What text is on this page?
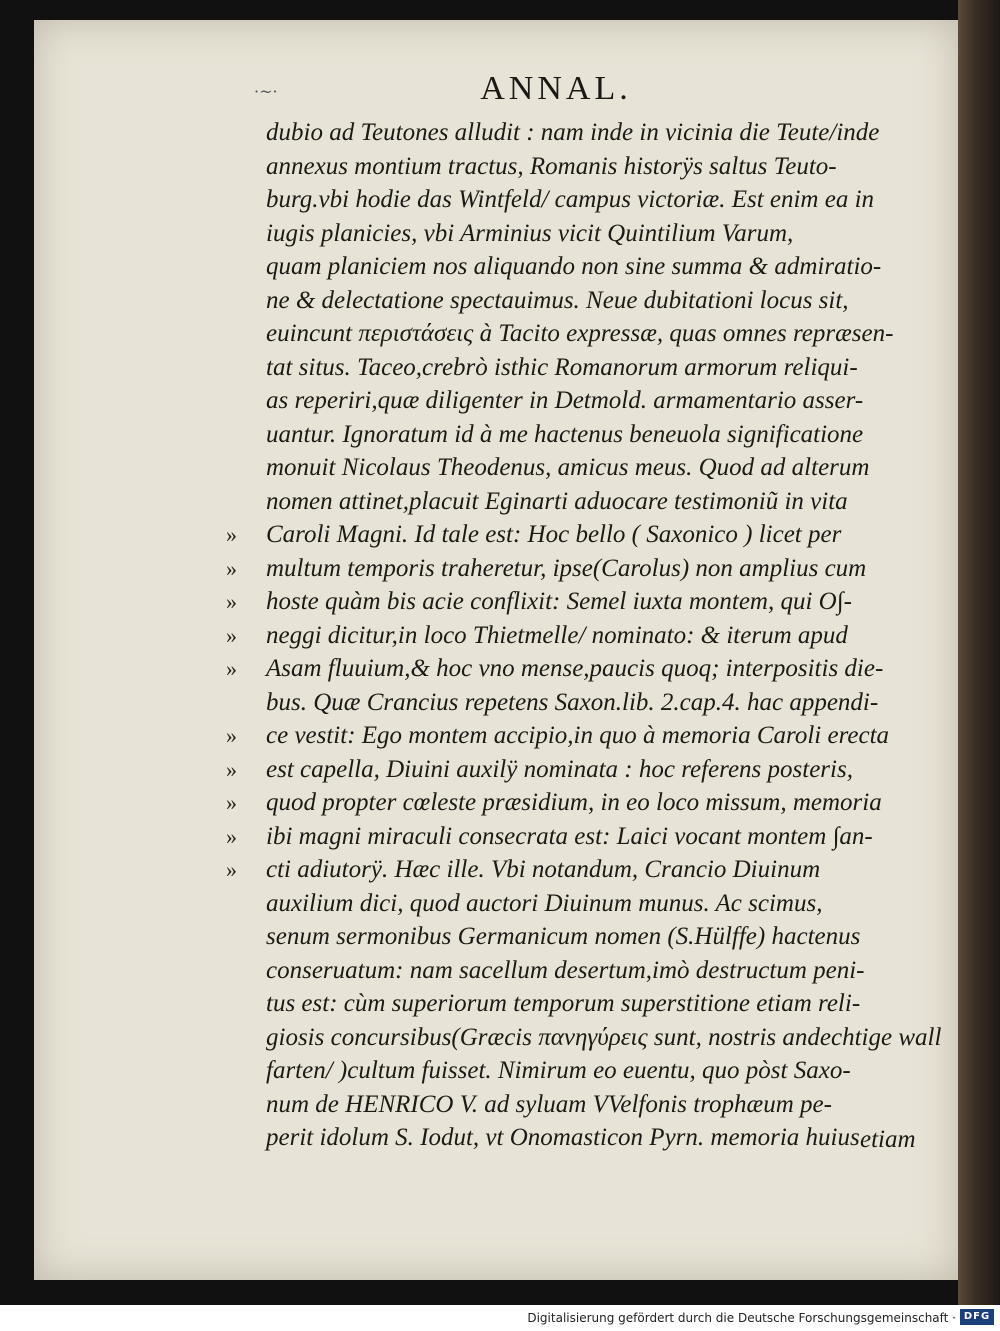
·~·	ANNAL.
dubio ad Teutones alludit : nam inde in vicinia die Teute/inde
annexus montium tractus, Romanis historÿs saltus Teuto-
burg.vbi hodie das Wintfeld/ campus victoriæ. Est enim ea in
iugis planicies, vbi Arminius vicit Quintilium Varum,
quam planiciem nos aliquando non sine summa & admiratio-
ne & delectatione spectauimus. Neue dubitationi locus sit,
euincunt περιστάσεις à Tacito expressæ, quas omnes repræsen-
tat situs. Taceo,crebrò isthic Romanorum armorum reliqui-
as reperiri,quæ diligenter in Detmold. armamentario asser-
uantur. Ignoratum id à me hactenus beneuola significatione
monuit Nicolaus Theodenus, amicus meus. Quod ad alterum
nomen attinet,placuit Eginarti aduocare testimoniũ in vita
» Caroli Magni. Id tale est: Hoc bello ( Saxonico ) licet per
» multum temporis traheretur, ipse(Carolus) non amplius cum
» hoste quàm bis acie conflixit: Semel iuxta montem, qui O∫-
» neggi dicitur,in loco Thietmelle/ nominato: & iterum apud
» Asam fluuium,& hoc vno mense,paucis quoq; interpositis die-
bus. Quæ Crancius repetens Saxon.lib. 2.cap.4. hac appendi-
» ce vestit: Ego montem accipio,in quo à memoria Caroli erecta
» est capella, Diuini auxilÿ nominata : hoc referens posteris,
» quod propter cœleste præsidium, in eo loco missum, memoria
» ibi magni miraculi consecrata est: Laici vocant montem ∫an-
» cti adiutorÿ. Hæc ille. Vbi notandum, Crancio Diuinum
auxilium dici, quod auctori Diuinum munus. Ac scimus,
senum sermonibus Germanicum nomen (S.Hülffe) hactenus
conseruatum: nam sacellum desertum,imò destructum peni-
tus est: cùm superiorum temporum superstitione etiam reli-
giosis concursibus(Græcis πανηγύρεις sunt, nostris andechtige wall
farten/ )cultum fuisset. Nimirum eo euentu, quo pòst Saxo-
num de HENRICO V. ad syluam VVelfonis trophæum pe-
perit idolum S. Iodut, vt Onomasticon Pyrn. memoria huius etiam
Digitalisierung gefördert durch die Deutsche Forschungsgemeinschaft · DFG
